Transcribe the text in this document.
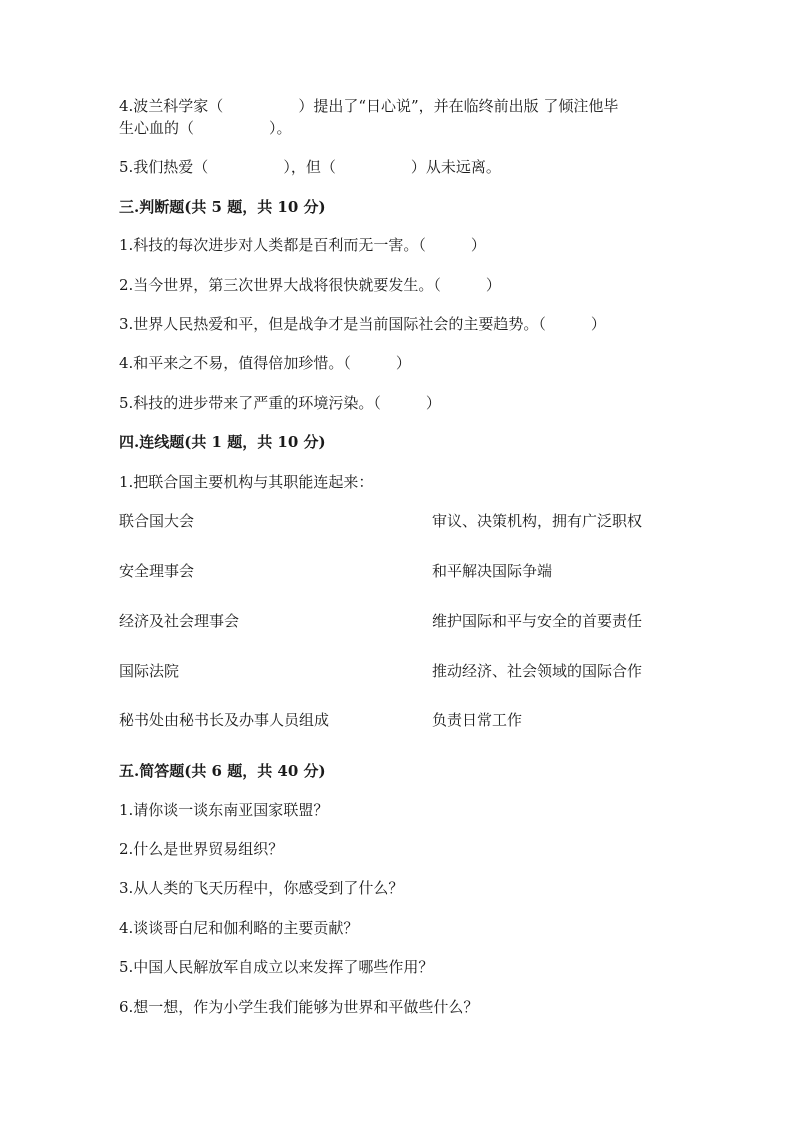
4.波兰科学家（　　　　　）提出了“日心说”，并在临终前出版 了倾注他毕
生心血的（　　　　　）。
5.我们热爱（　　　　　），但（　　　　　）从未远离。
三.判断题(共 5 题，共 10 分)
1.科技的每次进步对人类都是百利而无一害。（　　　）
2.当今世界，第三次世界大战将很快就要发生。（　　　）
3.世界人民热爱和平，但是战争才是当前国际社会的主要趋势。（　　　）
4.和平来之不易，值得倍加珍惜。（　　　）
5.科技的进步带来了严重的环境污染。（　　　）
四.连线题(共 1 题，共 10 分)
1.把联合国主要机构与其职能连起来：
联合国大会	审议、决策机构，拥有广泛职权
安全理事会	和平解决国际争端
经济及社会理事会	维护国际和平与安全的首要责任
国际法院	推动经济、社会领域的国际合作
秘书处由秘书长及办事人员组成	负责日常工作
五.简答题(共 6 题，共 40 分)
1.请你谈一谈东南亚国家联盟？
2.什么是世界贸易组织？
3.从人类的飞天历程中，你感受到了什么？
4.谈谈哥白尼和伽利略的主要贡献？
5.中国人民解放军自成立以来发挥了哪些作用？
6.想一想，作为小学生我们能够为世界和平做些什么？
